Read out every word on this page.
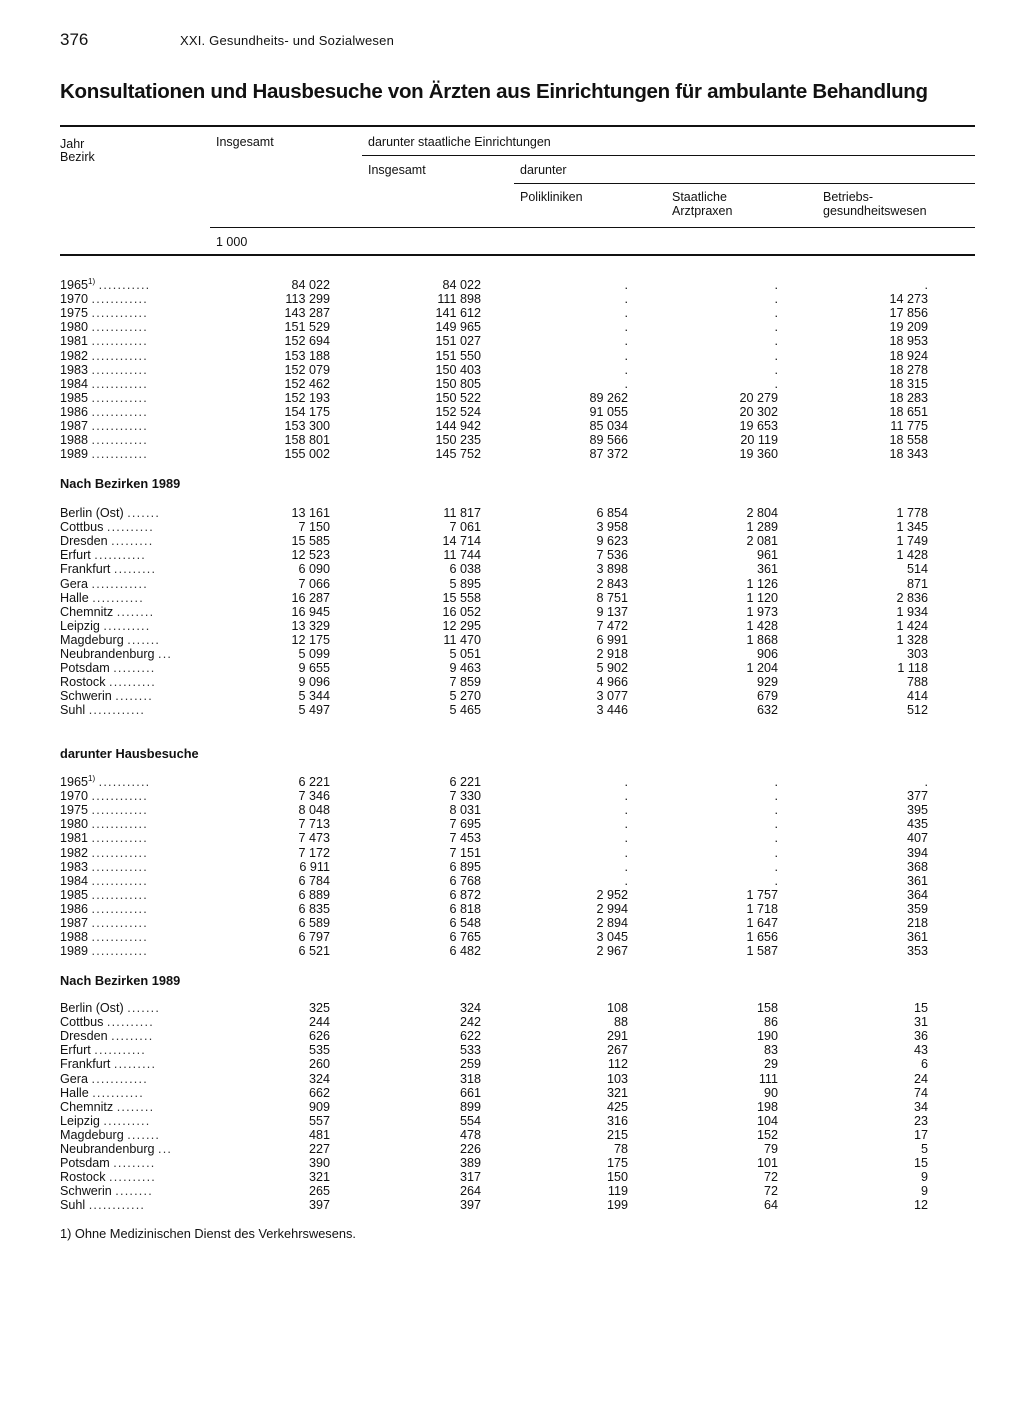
376	XXI. Gesundheits- und Sozialwesen
Konsultationen und Hausbesuche von Ärzten aus Einrichtungen für ambulante Behandlung
Jahr
Bezirk
Insgesamt	darunter staatliche Einrichtungen
Insgesamt	darunter
Polikliniken	Staatliche
Arztpraxen
Betriebs-
gesundheitswesen
1 000
Nach Bezirken 1989
darunter Hausbesuche
Nach Bezirken 1989
1965$^{1)}$ ...........	84 022	84 022	.	.	.
1970 ............	113 299	111 898	.	.	14 273
1975 ............	143 287	141 612	.	.	17 856
1980 ............	151 529	149 965	.	.	19 209
1981 ............	152 694	151 027	.	.	18 953
1982 ............	153 188	151 550	.	.	18 924
1983 ............	152 079	150 403	.	.	18 278
1984 ............	152 462	150 805	.	.	18 315
1985 ............	152 193	150 522	89 262	20 279	18 283
1986 ............	154 175	152 524	91 055	20 302	18 651
1987 ............	153 300	144 942	85 034	19 653	11 775
1988 ............	158 801	150 235	89 566	20 119	18 558
1989 ............	155 002	145 752	87 372	19 360	18 343
Berlin (Ost) .......	13 161	11 817	6 854	2 804	1 778
Cottbus ..........	7 150	7 061	3 958	1 289	1 345
Dresden .........	15 585	14 714	9 623	2 081	1 749
Erfurt ...........	12 523	11 744	7 536	961	1 428
Frankfurt .........	6 090	6 038	3 898	361	514
Gera ............	7 066	5 895	2 843	1 126	871
Halle ...........	16 287	15 558	8 751	1 120	2 836
Chemnitz ........	16 945	16 052	9 137	1 973	1 934
Leipzig ..........	13 329	12 295	7 472	1 428	1 424
Magdeburg .......	12 175	11 470	6 991	1 868	1 328
Neubrandenburg ...	5 099	5 051	2 918	906	303
Potsdam .........	9 655	9 463	5 902	1 204	1 118
Rostock ..........	9 096	7 859	4 966	929	788
Schwerin ........	5 344	5 270	3 077	679	414
Suhl ............	5 497	5 465	3 446	632	512
1965$^{1)}$ ...........	6 221	6 221	.	.	.
1970 ............	7 346	7 330	.	.	377
1975 ............	8 048	8 031	.	.	395
1980 ............	7 713	7 695	.	.	435
1981 ............	7 473	7 453	.	.	407
1982 ............	7 172	7 151	.	.	394
1983 ............	6 911	6 895	.	.	368
1984 ............	6 784	6 768	.	.	361
1985 ............	6 889	6 872	2 952	1 757	364
1986 ............	6 835	6 818	2 994	1 718	359
1987 ............	6 589	6 548	2 894	1 647	218
1988 ............	6 797	6 765	3 045	1 656	361
1989 ............	6 521	6 482	2 967	1 587	353
Berlin (Ost) .......	325	324	108	158	15
Cottbus ..........	244	242	88	86	31
Dresden .........	626	622	291	190	36
Erfurt ...........	535	533	267	83	43
Frankfurt .........	260	259	112	29	6
Gera ............	324	318	103	111	24
Halle ...........	662	661	321	90	74
Chemnitz ........	909	899	425	198	34
Leipzig ..........	557	554	316	104	23
Magdeburg .......	481	478	215	152	17
Neubrandenburg ...	227	226	78	79	5
Potsdam .........	390	389	175	101	15
Rostock ..........	321	317	150	72	9
Schwerin ........	265	264	119	72	9
Suhl ............	397	397	199	64	12
1) Ohne Medizinischen Dienst des Verkehrswesens.
